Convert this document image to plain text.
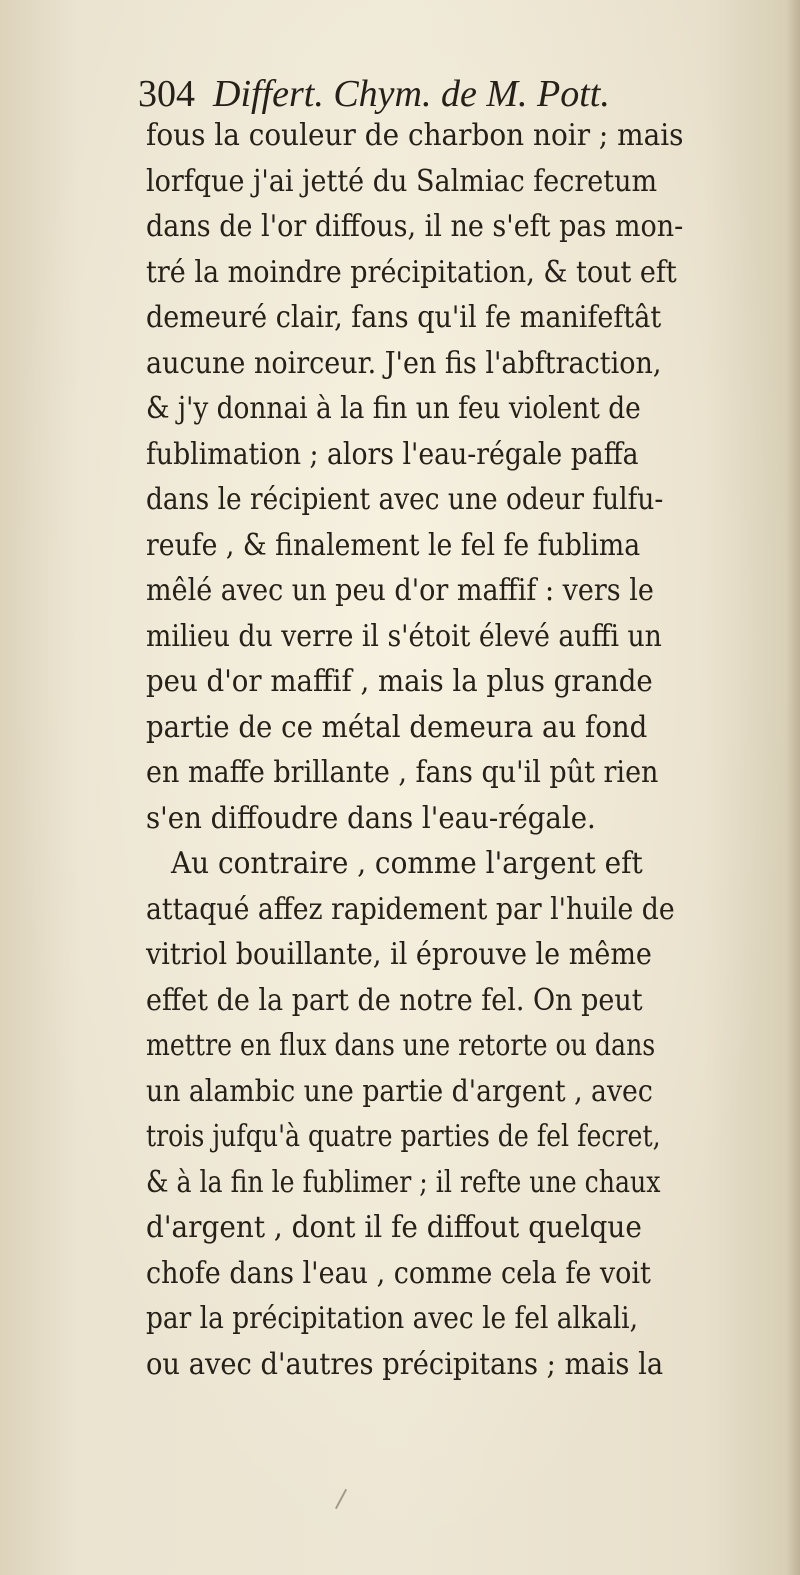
304 Differt. Chym. de M. Pott.
fous la couleur de charbon noir ; mais
lorfque j'ai jetté du Salmiac fecretum
dans de l'or diffous, il ne s'eft pas mon-
tré la moindre précipitation, & tout eft
demeuré clair, fans qu'il fe manifeftât
aucune noirceur. J'en fis l'abftraction,
& j'y donnai à la fin un feu violent de
fublimation ; alors l'eau-régale paffa
dans le récipient avec une odeur fulfu-
reufe , & finalement le fel fe fublima
mêlé avec un peu d'or maffif : vers le
milieu du verre il s'étoit élevé auffi un
peu d'or maffif , mais la plus grande
partie de ce métal demeura au fond
en maffe brillante , fans qu'il pût rien
s'en diffoudre dans l'eau-régale.
Au contraire , comme l'argent eft
attaqué affez rapidement par l'huile de
vitriol bouillante, il éprouve le même
effet de la part de notre fel. On peut
mettre en flux dans une retorte ou dans
un alambic une partie d'argent , avec
trois jufqu'à quatre parties de fel fecret,
& à la fin le fublimer ; il refte une chaux
d'argent , dont il fe diffout quelque
chofe dans l'eau , comme cela fe voit
par la précipitation avec le fel alkali,
ou avec d'autres précipitans ; mais la
